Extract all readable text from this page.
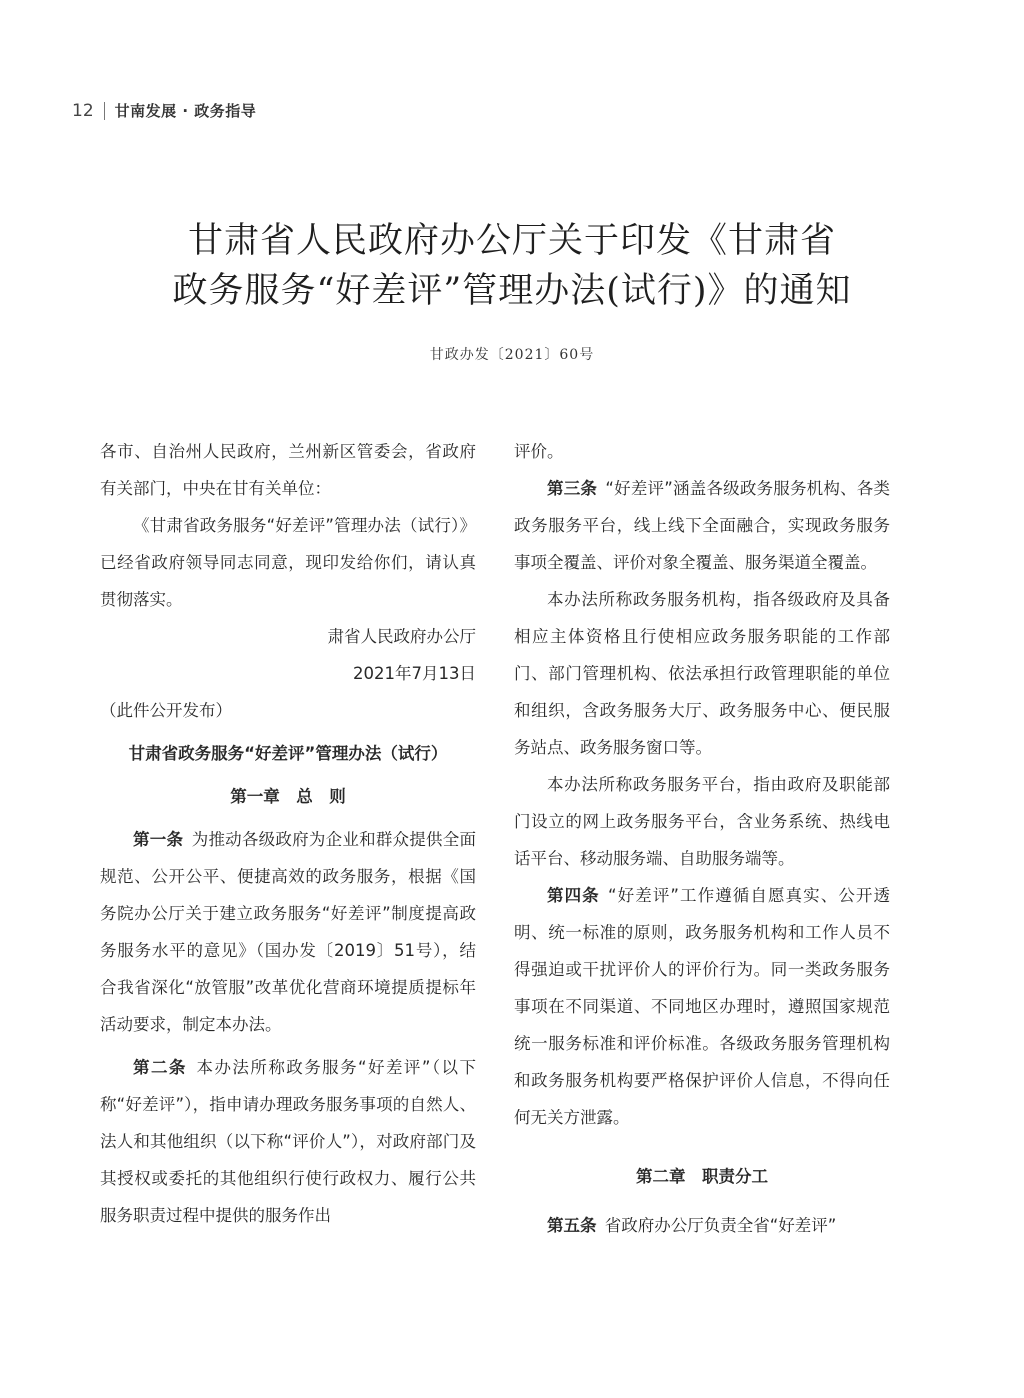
12 甘南发展 · 政务指导
甘肃省人民政府办公厅关于印发《甘肃省
政务服务“好差评”管理办法(试行)》的通知
甘政办发〔2021〕60号

各市、自治州人民政府，兰州新区管委会，省政府有关部门，中央在甘有关单位：

《甘肃省政务服务“好差评”管理办法（试行）》已经省政府领导同志同意，现印发给你们，请认真贯彻落实。

肃省人民政府办公厅

2021年7月13日

（此件公开发布）

甘肃省政务服务“好差评”管理办法（试行）

第一章　总　则

第一条  为推动各级政府为企业和群众提供全面规范、公开公平、便捷高效的政务服务，根据《国务院办公厅关于建立政务服务“好差评”制度提高政务服务水平的意见》（国办发〔2019〕51号），结合我省深化“放管服”改革优化营商环境提质提标年活动要求，制定本办法。

第二条  本办法所称政务服务“好差评”（以下称“好差评”），指申请办理政务服务事项的自然人、法人和其他组织（以下称“评价人”），对政府部门及其授权或委托的其他组织行使行政权力、履行公共服务职责过程中提供的服务作出

评价。

第三条  “好差评”涵盖各级政务服务机构、各类政务服务平台，线上线下全面融合，实现政务服务事项全覆盖、评价对象全覆盖、服务渠道全覆盖。

本办法所称政务服务机构，指各级政府及具备相应主体资格且行使相应政务服务职能的工作部门、部门管理机构、依法承担行政管理职能的单位和组织，含政务服务大厅、政务服务中心、便民服务站点、政务服务窗口等。

本办法所称政务服务平台，指由政府及职能部门设立的网上政务服务平台，含业务系统、热线电话平台、移动服务端、自助服务端等。

第四条  “好差评”工作遵循自愿真实、公开透明、统一标准的原则，政务服务机构和工作人员不得强迫或干扰评价人的评价行为。同一类政务服务事项在不同渠道、不同地区办理时，遵照国家规范统一服务标准和评价标准。各级政务服务管理机构和政务服务机构要严格保护评价人信息，不得向任何无关方泄露。

第二章　职责分工

第五条  省政府办公厅负责全省“好差评”
